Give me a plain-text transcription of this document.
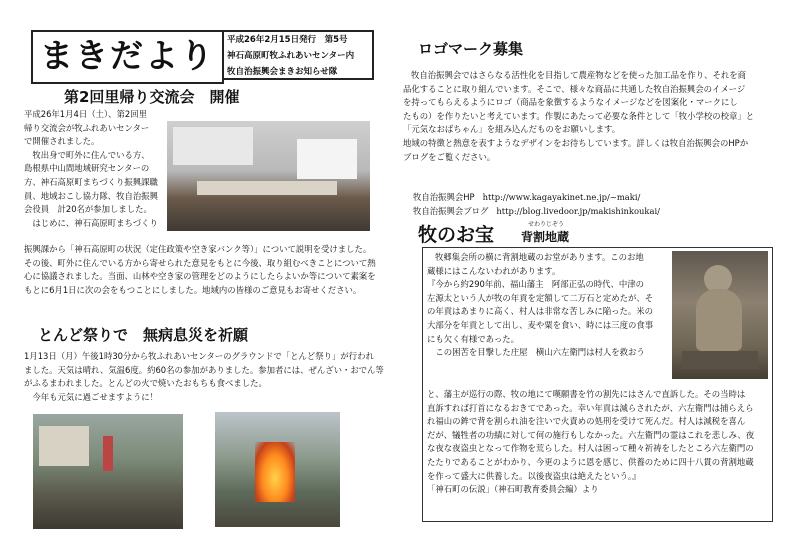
まきだより	平成26年2月15日発行　第5号
神石高原町牧ふれあいセンター内
牧自治振興会まきお知らせ隊
第2回里帰り交流会　開催
平成26年1月4日（土）、第2回里
帰り交流会が牧ふれあいセンター
で開催されました。
　牧出身で町外に住んでいる方、
島根県中山間地域研究センターの
方、神石高原町まちづくり振興課職
員、地域おこし協力隊、牧自治振興
会役員　計20名が参加しました。
　はじめに、神石高原町まちづくり
振興課から「神石高原町の状況（定住政策や空き家バンク等）」について説明を受けました。
その後、町外に住んでいる方から寄せられた意見をもとに今後、取り組むべきことについて熱
心に協議されました。当面、山林や空き家の管理をどのようにしたらよいか等について素案を
もとに6月1日に次の会をもつことにしました。地域内の皆様のご意見もお寄せください。
とんど祭りで　無病息災を祈願
1月13日（月）午後1時30分から牧ふれあいセンターのグラウンドで「とんど祭り」が行われ
ました。天気は晴れ、気温6度。約60名の参加がありました。参加者には、ぜんざい・おでん等
がふるまわれました。とんどの火で焼いたおもちも食べました。
　今年も元気に過ごせますように！
ロゴマーク募集
牧自治振興会ではさらなる活性化を目指して農産物などを使った加工品を作り、それを商
品化することに取り組んでいます。そこで、様々な商品に共通した牧自治振興会のイメージ
を持ってもらえるようにロゴ（商品を象徴するようなイメージなどを図案化・マークにし
たもの）を作りたいと考えています。作製にあたって必要な条件として「牧小学校の校章」と
「元気なおばちゃん」を組み込んだものをお願いします。
地域の特徴と熱意を表すようなデザインをお待ちしています。詳しくは牧自治振興会のHPか
ブログをご覧ください。
牧自治振興会HP http://www.kagayakinet.ne.jp/~maki/
牧自治振興会ブログ http://blog.livedoor.jp/makishinkoukai/
牧のお宝	せわりじぞう
背割地蔵
牧郷集会所の横に背割地蔵のお堂があります。このお地
蔵様にはこんないわれがあります。
『今から約290年前、福山藩主　阿部正弘の時代、中津の
左源太という人が牧の年貢を定額して二万石と定めたが、そ
の年貢はあまりに高く、村人は非常な苦しみに陥った。米の
大部分を年貢として出し、麦や粟を食い、時には三度の食事
にも欠く有様であった。
　この困苦を目撃した庄屋　横山六左衛門は村人を救おう
と、藩主が巡行の際、牧の地にて嘆願書を竹の割先にはさんで直訴した。その当時は
直訴すれば打首になるおきてであった。幸い年貢は減らされたが、六左衛門は捕らえら
れ福山の鉾で背を割られ油を注いで火責めの処刑を受けて死んだ。村人は減税を喜ん
だが、犠牲者の功績に対して何の施行もしなかった。六左衛門の霊はこれを悲しみ、夜
な夜な夜盗虫となって作物を荒らした。村人は困って種々祈祷をしたところ六左衛門の
たたりであることがわかり、今更のように恩を感じ、供養のために四十八貫の背割地蔵
を作って盛大に供養した。以後夜盗虫は絶えたという。』
「神石町の伝説」（神石町教育委員会編）より
